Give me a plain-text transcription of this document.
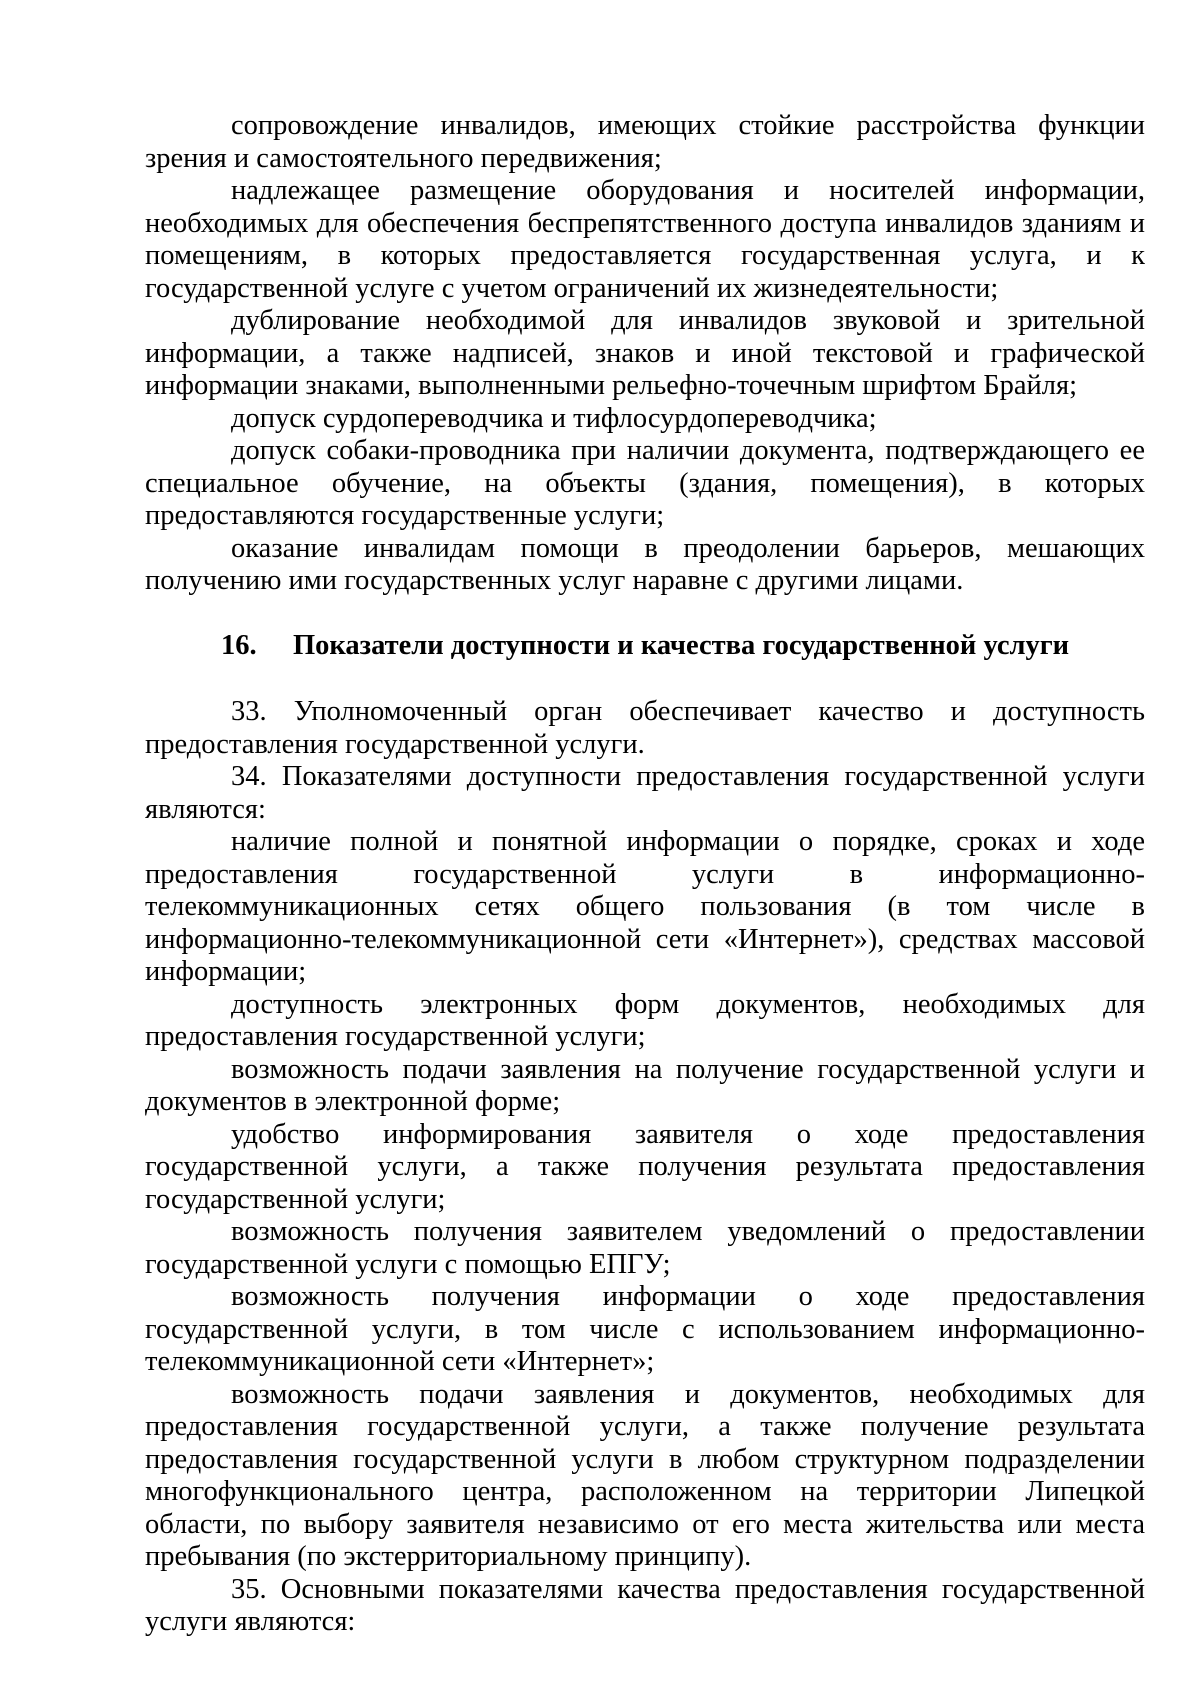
сопровождение инвалидов, имеющих стойкие расстройства функции зрения и самостоятельного передвижения;

надлежащее размещение оборудования и носителей информации, необходимых для обеспечения беспрепятственного доступа инвалидов зданиям и помещениям, в которых предоставляется государственная услуга, и к государственной услуге с учетом ограничений их жизнедеятельности;

дублирование необходимой для инвалидов звуковой и зрительной информации, а также надписей, знаков и иной текстовой и графической информации знаками, выполненными рельефно-точечным шрифтом Брайля;

допуск сурдопереводчика и тифлосурдопереводчика;

допуск собаки-проводника при наличии документа, подтверждающего ее специальное обучение, на объекты (здания, помещения), в которых предоставляются государственные услуги;

оказание инвалидам помощи в преодолении барьеров, мешающих получению ими государственных услуг наравне с другими лицами.

16. Показатели доступности и качества государственной услуги

33. Уполномоченный орган обеспечивает качество и доступность предоставления государственной услуги.

34. Показателями доступности предоставления государственной услуги являются:

наличие полной и понятной информации о порядке, сроках и ходе предоставления государственной услуги в информационно-телекоммуникационных сетях общего пользования (в том числе в информационно-телекоммуникационной сети «Интернет»), средствах массовой информации;

доступность электронных форм документов, необходимых для предоставления государственной услуги;

возможность подачи заявления на получение государственной услуги и документов в электронной форме;

удобство информирования заявителя о ходе предоставления государственной услуги, а также получения результата предоставления государственной услуги;

возможность получения заявителем уведомлений о предоставлении государственной услуги с помощью ЕПГУ;

возможность получения информации о ходе предоставления государственной услуги, в том числе с использованием информационно-телекоммуникационной сети «Интернет»;

возможность подачи заявления и документов, необходимых для предоставления государственной услуги, а также получение результата предоставления государственной услуги в любом структурном подразделении многофункционального центра, расположенном на территории Липецкой области, по выбору заявителя независимо от его места жительства или места пребывания (по экстерриториальному принципу).

35. Основными показателями качества предоставления государственной услуги являются:
